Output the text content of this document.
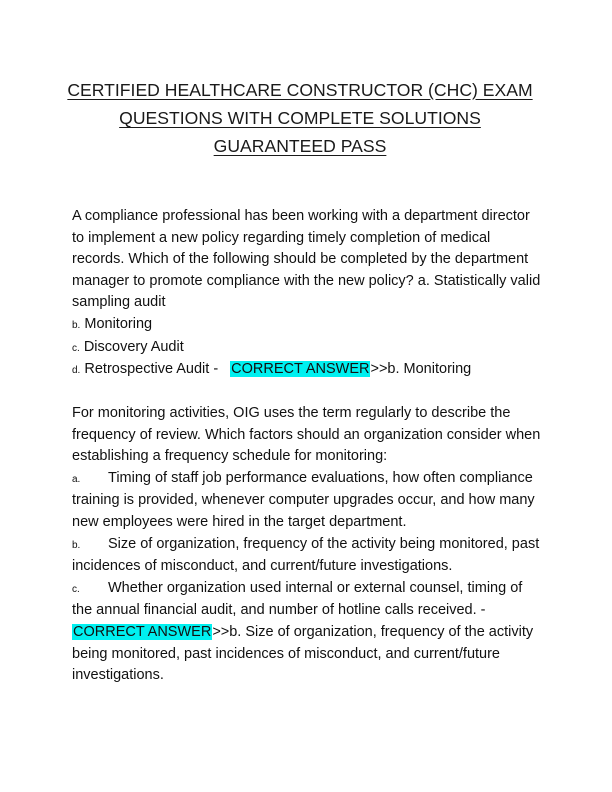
CERTIFIED HEALTHCARE CONSTRUCTOR (CHC) EXAM QUESTIONS WITH COMPLETE SOLUTIONS GUARANTEED PASS

A compliance professional has been working with a department director to implement a new policy regarding timely completion of medical records. Which of the following should be completed by the department manager to promote compliance with the new policy? a. Statistically valid sampling audit

b. Monitoring

c. Discovery Audit

d. Retrospective Audit - CORRECT ANSWER>>b. Monitoring

For monitoring activities, OIG uses the term regularly to describe the frequency of review. Which factors should an organization consider when establishing a frequency schedule for monitoring:

a. Timing of staff job performance evaluations, how often compliance training is provided, whenever computer upgrades occur, and how many new employees were hired in the target department.

b. Size of organization, frequency of the activity being monitored, past incidences of misconduct, and current/future investigations.

c. Whether organization used internal or external counsel, timing of the annual financial audit, and number of hotline calls received. - CORRECT ANSWER>>b. Size of organization, frequency of the activity being monitored, past incidences of misconduct, and current/future investigations.
